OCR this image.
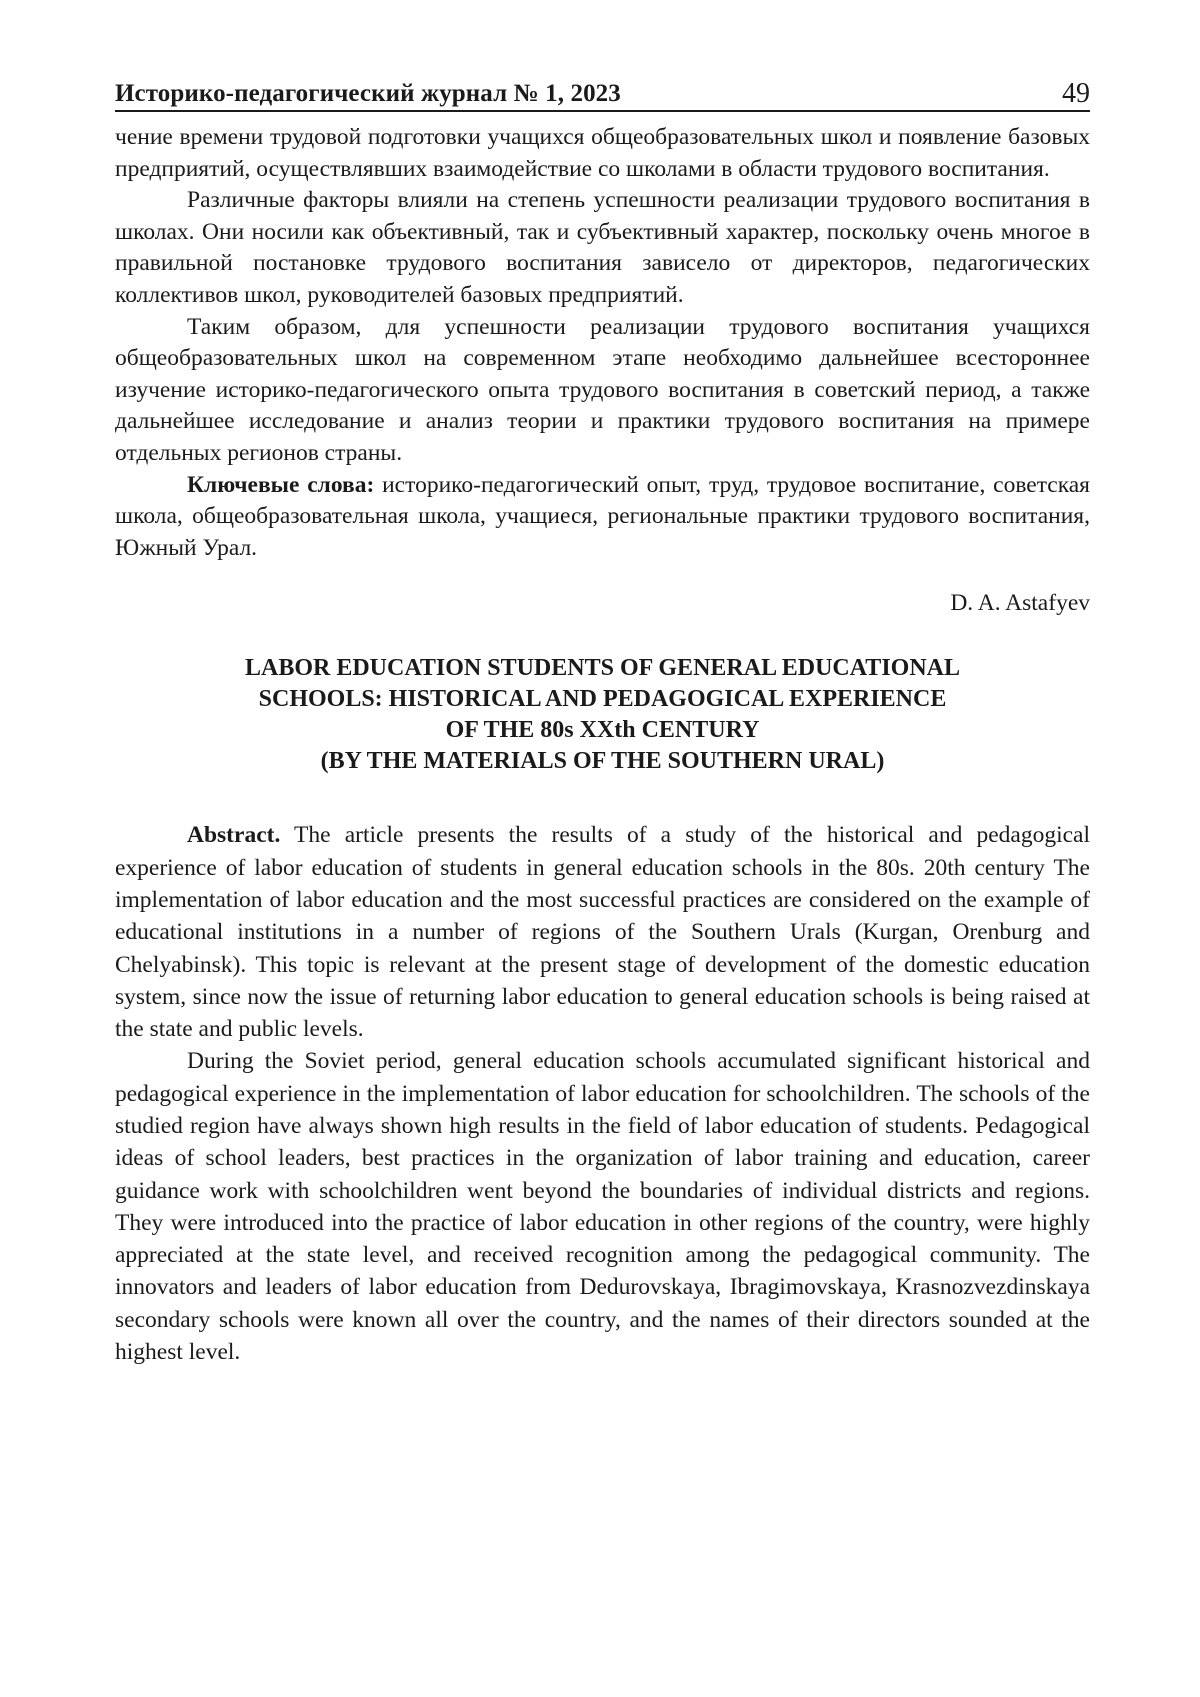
Историко-педагогический журнал № 1, 2023	49

чение времени трудовой подготовки учащихся общеобразовательных школ и появление базовых предприятий, осуществлявших взаимодействие со школами в области трудового воспитания.

Различные факторы влияли на степень успешности реализации трудового воспитания в школах. Они носили как объективный, так и субъективный характер, поскольку очень многое в правильной постановке трудового воспитания зависело от директоров, педагогических коллективов школ, руководителей базовых предприятий.

Таким образом, для успешности реализации трудового воспитания учащихся общеобразовательных школ на современном этапе необходимо дальнейшее всестороннее изучение историко-педагогического опыта трудового воспитания в советский период, а также дальнейшее исследование и анализ теории и практики трудового воспитания на примере отдельных регионов страны.

Ключевые слова: историко-педагогический опыт, труд, трудовое воспитание, советская школа, общеобразовательная школа, учащиеся, региональные практики трудового воспитания, Южный Урал.

D. A. Astafyev
LABOR EDUCATION STUDENTS OF GENERAL EDUCATIONAL
SCHOOLS: HISTORICAL AND PEDAGOGICAL EXPERIENCE
OF THE 80s XXth CENTURY
(BY THE MATERIALS OF THE SOUTHERN URAL)

Abstract. The article presents the results of a study of the historical and pedagogical experience of labor education of students in general education schools in the 80s. 20th century The implementation of labor education and the most successful practices are considered on the example of educational institutions in a number of regions of the Southern Urals (Kurgan, Orenburg and Chelyabinsk). This topic is relevant at the present stage of development of the domestic education system, since now the issue of returning labor education to general education schools is being raised at the state and public levels.

During the Soviet period, general education schools accumulated significant historical and pedagogical experience in the implementation of labor education for schoolchildren. The schools of the studied region have always shown high results in the field of labor education of students. Pedagogical ideas of school leaders, best practices in the organization of labor training and education, career guidance work with schoolchildren went beyond the boundaries of individual districts and regions. They were introduced into the practice of labor education in other regions of the country, were highly appreciated at the state level, and received recognition among the pedagogical community. The innovators and leaders of labor education from Dedurovskaya, Ibragimovskaya, Krasnozvezdinskaya secondary schools were known all over the country, and the names of their directors sounded at the highest level.
